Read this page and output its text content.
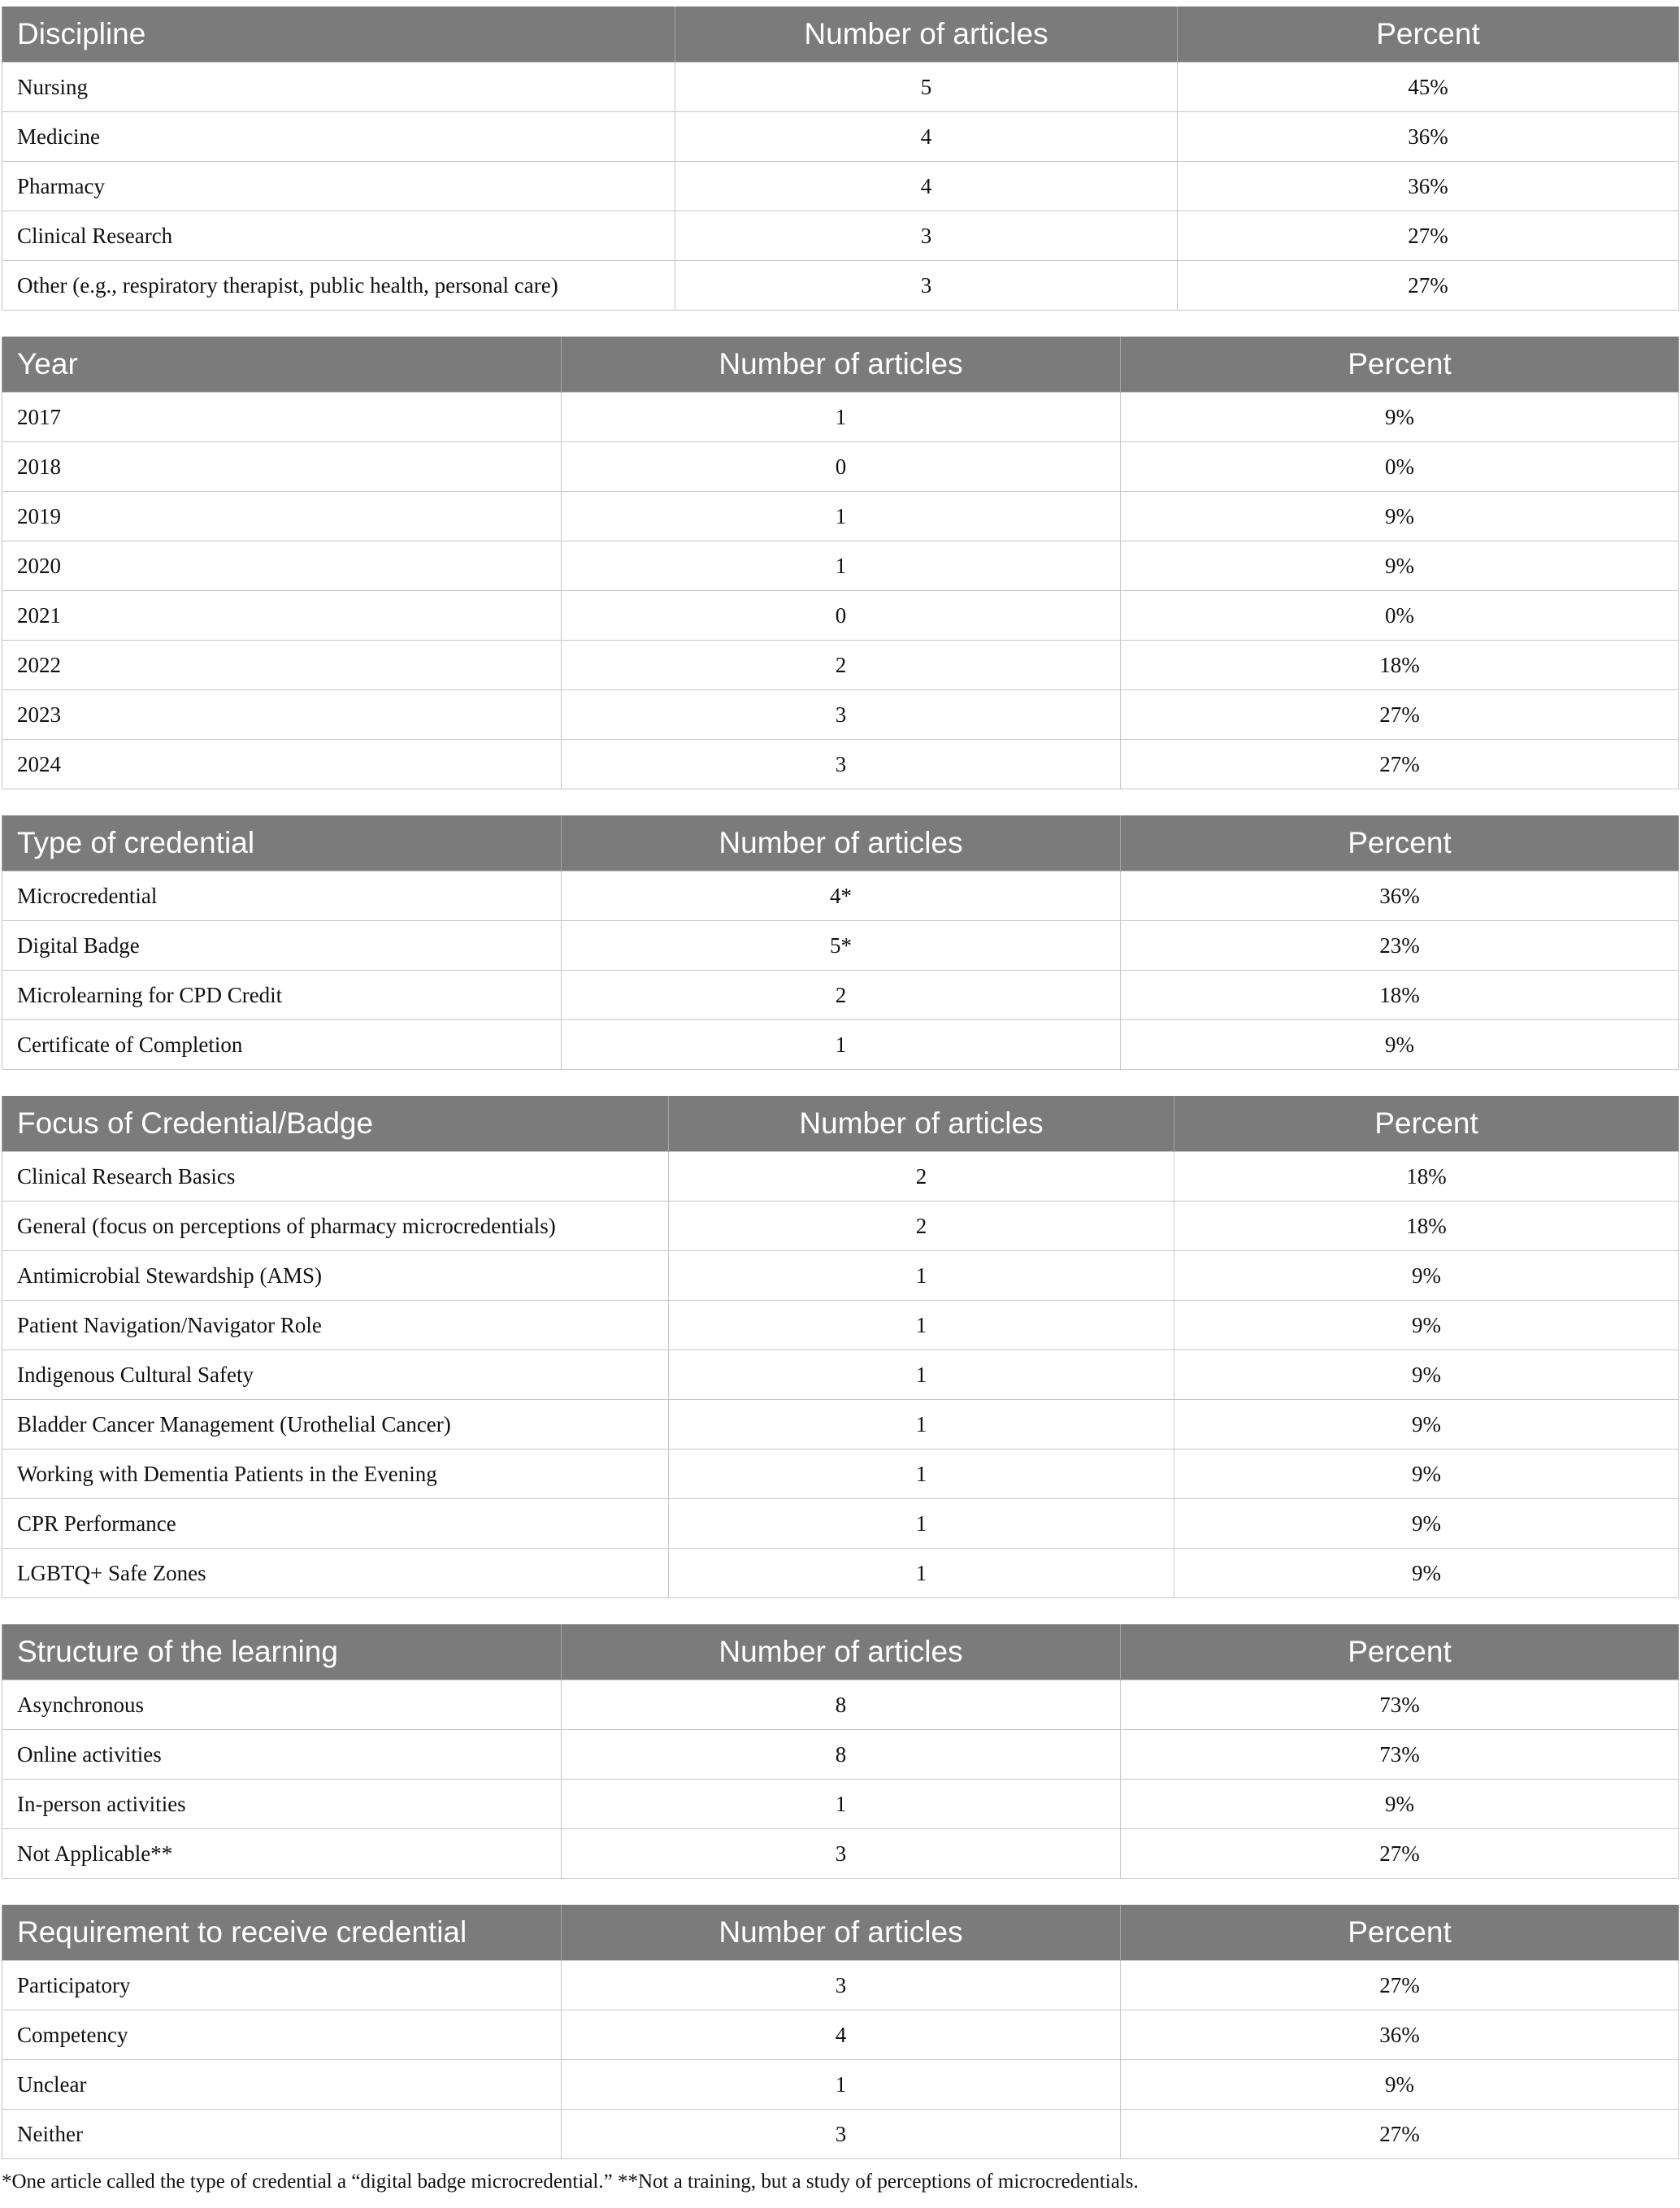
Discipline	Number of articles	Percent
Nursing	5	45%
Medicine	4	36%
Pharmacy	4	36%
Clinical Research	3	27%
Other (e.g., respiratory therapist, public health, personal care)	3	27%
Year	Number of articles	Percent
2017	1	9%
2018	0	0%
2019	1	9%
2020	1	9%
2021	0	0%
2022	2	18%
2023	3	27%
2024	3	27%
Type of credential	Number of articles	Percent
Microcredential	4*	36%
Digital Badge	5*	23%
Microlearning for CPD Credit	2	18%
Certificate of Completion	1	9%
Focus of Credential/Badge	Number of articles	Percent
Clinical Research Basics	2	18%
General (focus on perceptions of pharmacy microcredentials)	2	18%
Antimicrobial Stewardship (AMS)	1	9%
Patient Navigation/Navigator Role	1	9%
Indigenous Cultural Safety	1	9%
Bladder Cancer Management (Urothelial Cancer)	1	9%
Working with Dementia Patients in the Evening	1	9%
CPR Performance	1	9%
LGBTQ+ Safe Zones	1	9%
Structure of the learning	Number of articles	Percent
Asynchronous	8	73%
Online activities	8	73%
In-person activities	1	9%
Not Applicable**	3	27%
Requirement to receive credential	Number of articles	Percent
Participatory	3	27%
Competency	4	36%
Unclear	1	9%
Neither	3	27%

*One article called the type of credential a “digital badge microcredential.” **Not a training, but a study of perceptions of microcredentials.
